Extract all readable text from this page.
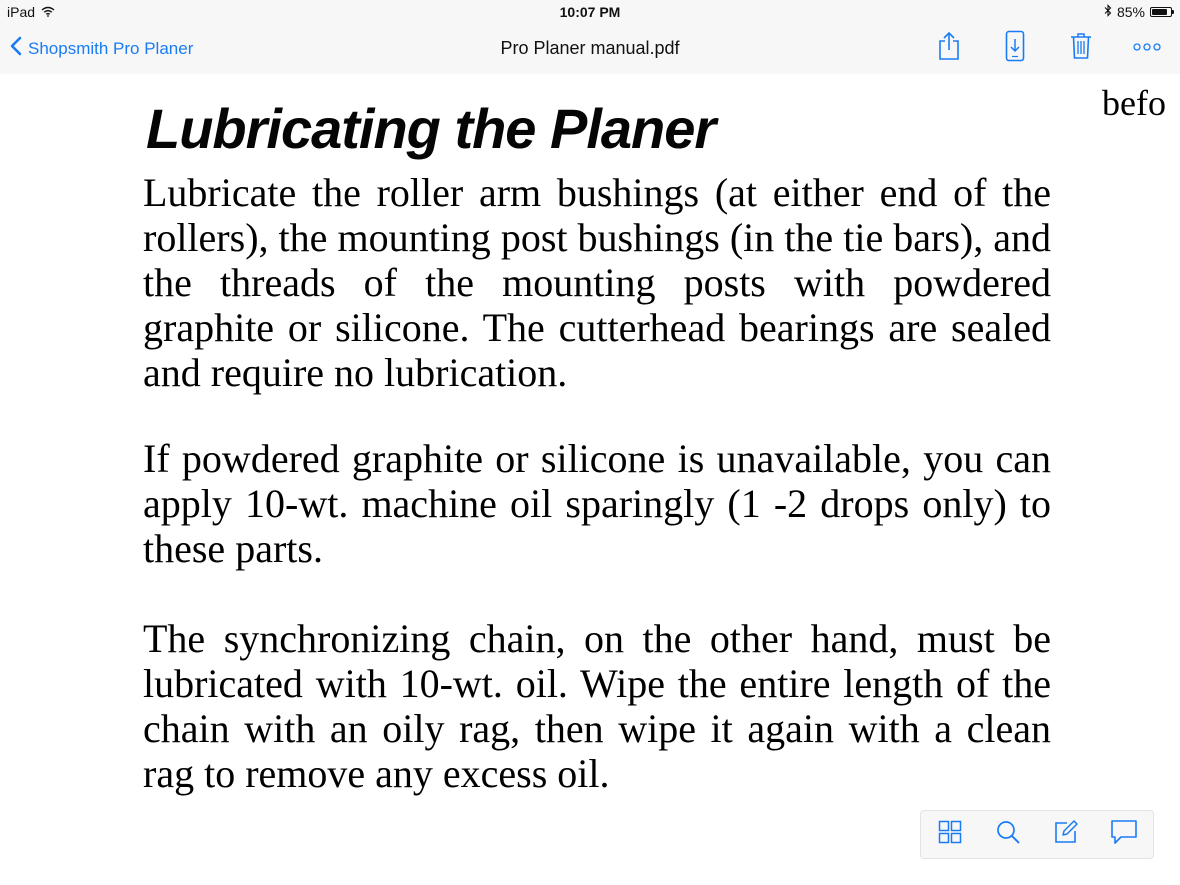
iPad	10:07 PM	85%
Shopsmith Pro Planer	Pro Planer manual.pdf
befo
Lubricating the Planer

Lubricate the roller arm bushings (at either end of the rollers), the mounting post bushings (in the tie bars), and the threads of the mounting posts with powdered graphite or silicone. The cutterhead bearings are sealed and require no lubrication.

If powdered graphite or silicone is unavailable, you can apply 10-wt. machine oil sparingly (1 -2 drops only) to these parts.

The synchronizing chain, on the other hand, must be lubricated with 10-wt. oil. Wipe the entire length of the chain with an oily rag, then wipe it again with a clean rag to remove any excess oil.
